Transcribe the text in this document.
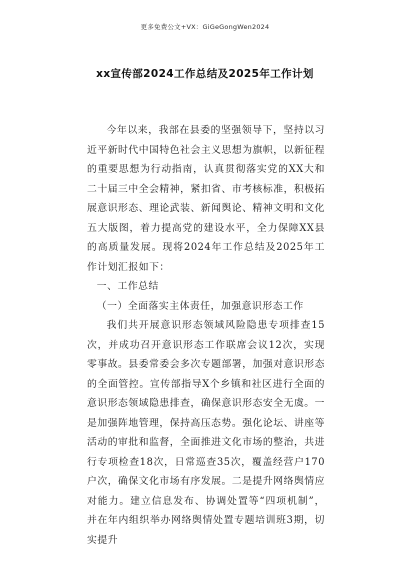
更多免费公文+VX：GiGeGongWen2024
xx宣传部2024工作总结及2025年工作计划

今年以来，我部在县委的坚强领导下，坚持以习近平新时代中国特色社会主义思想为旗帜，以新征程的重要思想为行动指南，认真贯彻落实党的XX大和二十届三中全会精神，紧扣省、市考核标准，积极拓展意识形态、理论武装、新闻舆论、精神文明和文化五大版图，着力提高党的建设水平，全力保障XX县的高质量发展。现将2024年工作总结及2025年工作计划汇报如下：

一、工作总结

（一）全面落实主体责任，加强意识形态工作

我们共开展意识形态领域风险隐患专项排查15次，并成功召开意识形态工作联席会议12次，实现零事故。县委常委会多次专题部署，加强对意识形态的全面管控。宣传部指导X个乡镇和社区进行全面的意识形态领域隐患排查，确保意识形态安全无虞。一是加强阵地管理，保持高压态势。强化论坛、讲座等活动的审批和监督，全面推进文化市场的整治，共进行专项检查18次，日常巡查35次，覆盖经营户170户次，确保文化市场有序发展。二是提升网络舆情应对能力。建立信息发布、协调处置等“四项机制”，并在年内组织举办网络舆情处置专题培训班3期，切实提升
